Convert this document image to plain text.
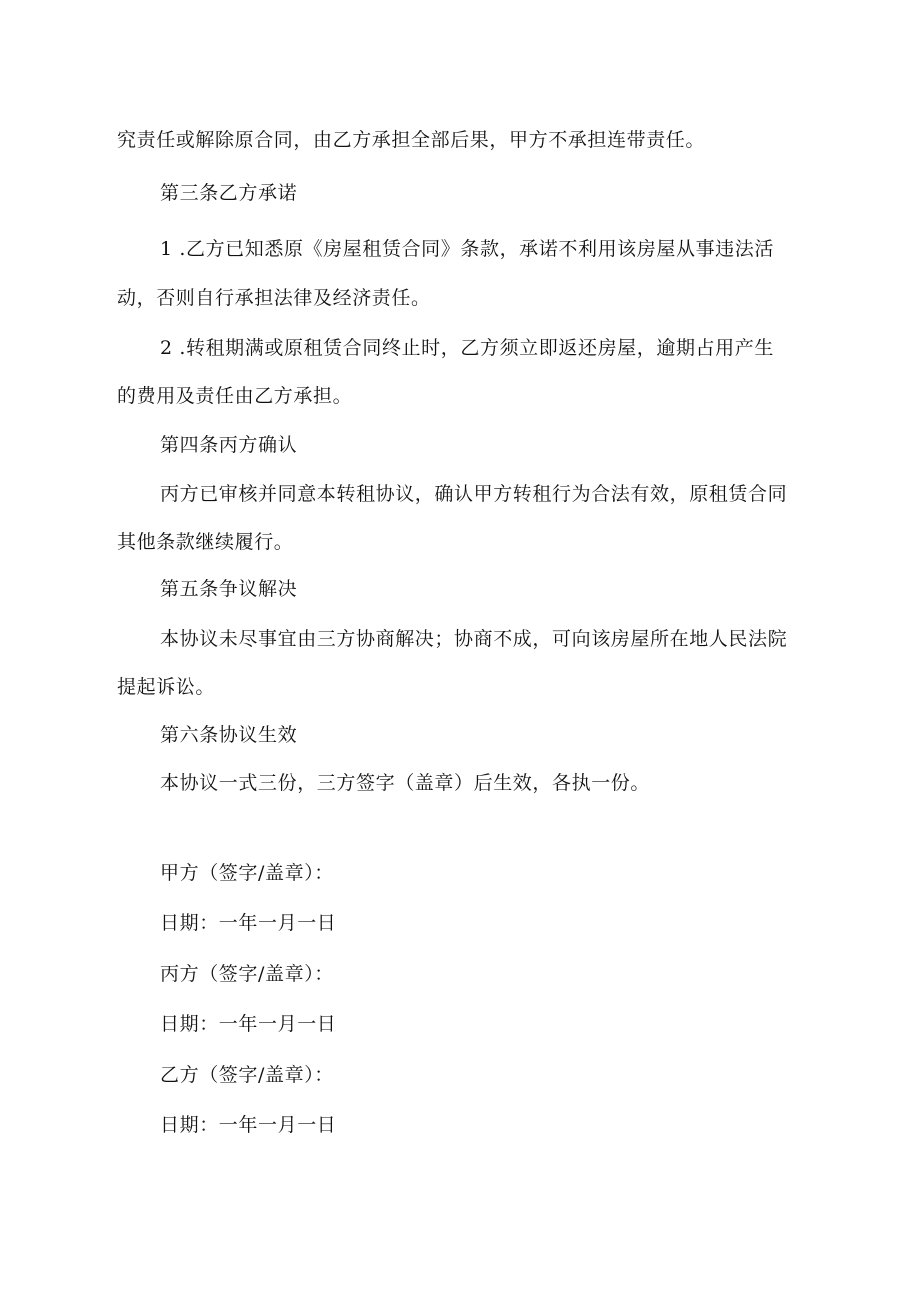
究责任或解除原合同，由乙方承担全部后果，甲方不承担连带责任。
第三条乙方承诺
1 .乙方已知悉原《房屋租赁合同》条款，承诺不利用该房屋从事违法活
动，否则自行承担法律及经济责任。
2 .转租期满或原租赁合同终止时，乙方须立即返还房屋，逾期占用产生
的费用及责任由乙方承担。
第四条丙方确认
丙方已审核并同意本转租协议，确认甲方转租行为合法有效，原租赁合同
其他条款继续履行。
第五条争议解决
本协议未尽事宜由三方协商解决；协商不成，可向该房屋所在地人民法院
提起诉讼。
第六条协议生效
本协议一式三份，三方签字（盖章）后生效，各执一份。
甲方（签字/盖章）：
日期：一年一月一日
丙方（签字/盖章）：
日期：一年一月一日
乙方（签字/盖章）：
日期：一年一月一日
